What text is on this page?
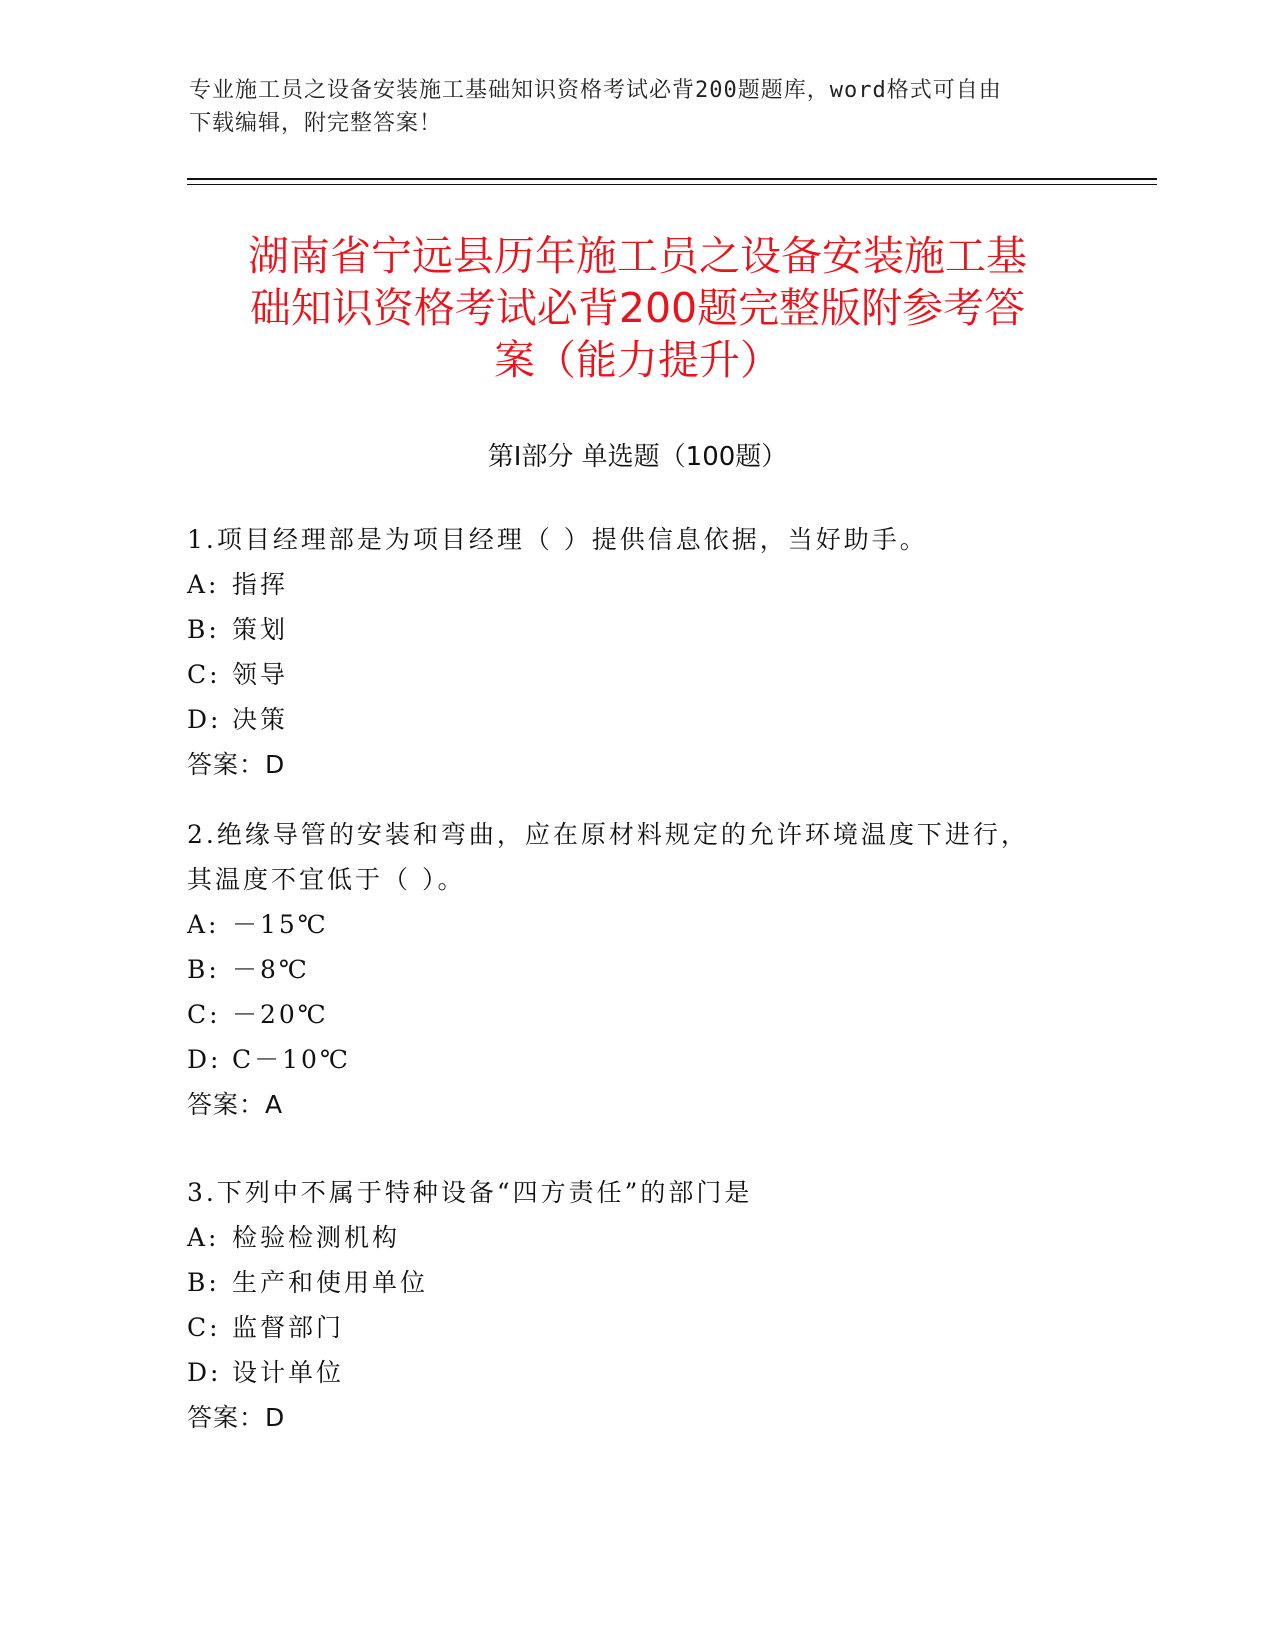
专业施工员之设备安装施工基础知识资格考试必背200题题库，word格式可自由
下载编辑，附完整答案！
湖南省宁远县历年施工员之设备安装施工基
础知识资格考试必背200题完整版附参考答
案（能力提升）
第Ⅰ部分 单选题（100题）
1.项目经理部是为项目经理（ ）提供信息依据，当好助手。
A: 指挥
B: 策划
C: 领导
D: 决策
答案：D
2.绝缘导管的安装和弯曲，应在原材料规定的允许环境温度下进行，
其温度不宜低于（ ）。
A: －15℃
B: －8℃
C: －20℃
D: C－10℃
答案：A
3.下列中不属于特种设备“四方责任”的部门是
A: 检验检测机构
B: 生产和使用单位
C: 监督部门
D: 设计单位
答案：D
